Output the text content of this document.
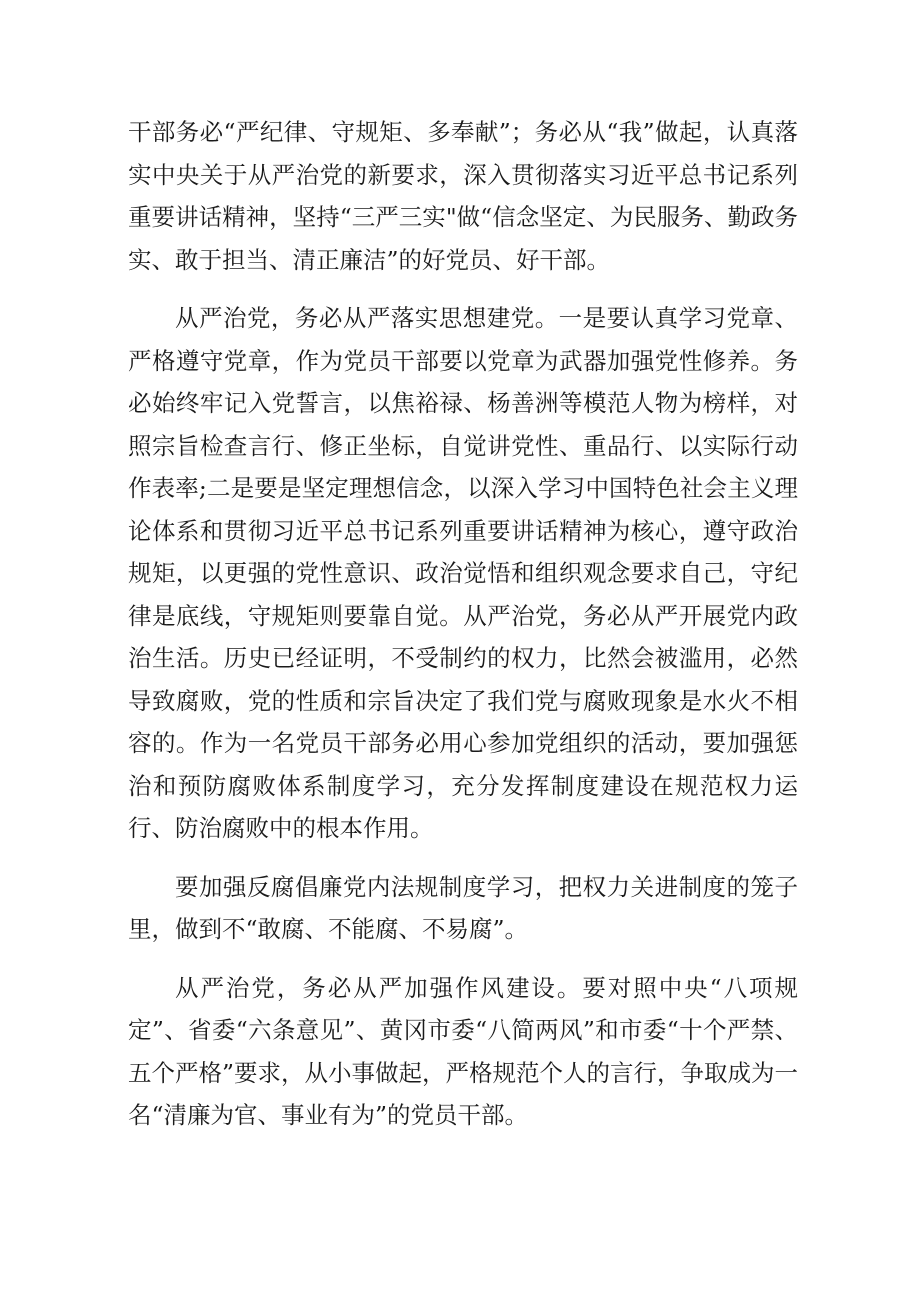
干部务必“严纪律、守规矩、多奉献”；务必从“我”做起，认真落实中央关于从严治党的新要求，深入贯彻落实习近平总书记系列重要讲话精神，坚持“三严三实"做“信念坚定、为民服务、勤政务实、敢于担当、清正廉洁”的好党员、好干部。

从严治党，务必从严落实思想建党。一是要认真学习党章、严格遵守党章，作为党员干部要以党章为武器加强党性修养。务必始终牢记入党誓言，以焦裕禄、杨善洲等模范人物为榜样，对照宗旨检查言行、修正坐标，自觉讲党性、重品行、以实际行动作表率;二是要是坚定理想信念，以深入学习中国特色社会主义理论体系和贯彻习近平总书记系列重要讲话精神为核心，遵守政治规矩，以更强的党性意识、政治觉悟和组织观念要求自己，守纪律是底线，守规矩则要靠自觉。从严治党，务必从严开展党内政治生活。历史已经证明，不受制约的权力，比然会被滥用，必然导致腐败，党的性质和宗旨决定了我们党与腐败现象是水火不相容的。作为一名党员干部务必用心参加党组织的活动，要加强惩治和预防腐败体系制度学习，充分发挥制度建设在规范权力运行、防治腐败中的根本作用。

要加强反腐倡廉党内法规制度学习，把权力关进制度的笼子里，做到不“敢腐、不能腐、不易腐”。

从严治党，务必从严加强作风建设。要对照中央“八项规定”、省委“六条意见”、黄冈市委“八简两风”和市委“十个严禁、五个严格”要求，从小事做起，严格规范个人的言行，争取成为一名“清廉为官、事业有为”的党员干部。
